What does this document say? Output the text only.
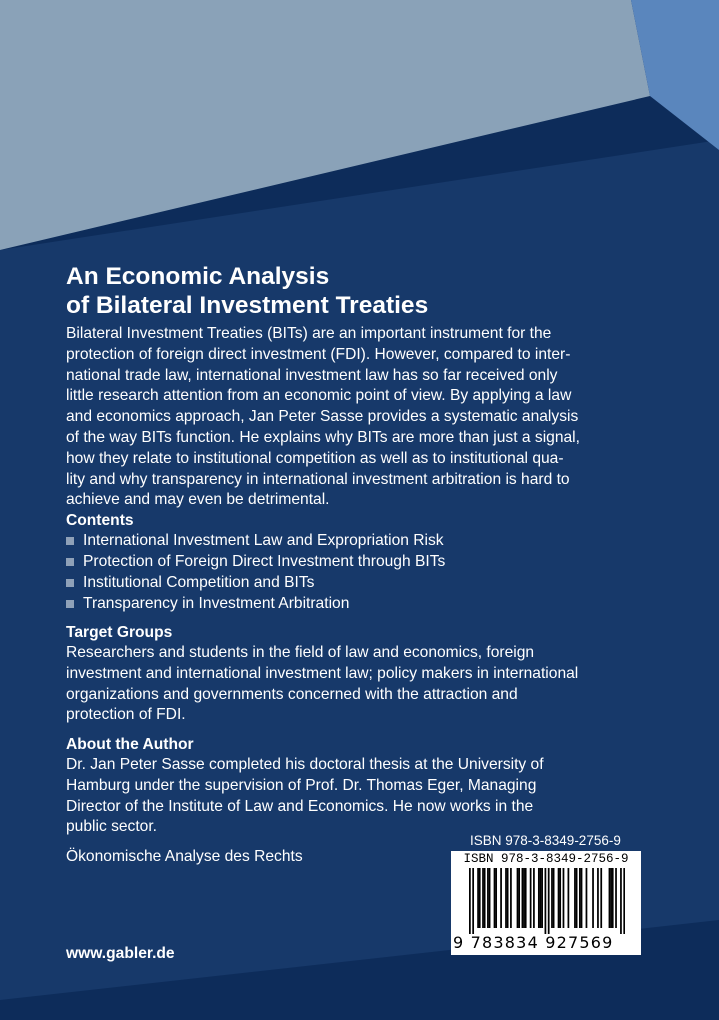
An Economic Analysis
of Bilateral Investment Treaties
Bilateral Investment Treaties (BITs) are an important instrument for the
protection of foreign direct investment (FDI). However, compared to inter-
national trade law, international investment law has so far received only
little research attention from an economic point of view. By applying a law
and economics approach, Jan Peter Sasse provides a systematic analysis
of the way BITs function. He explains why BITs are more than just a signal,
how they relate to institutional competition as well as to institutional qua-
lity and why transparency in international investment arbitration is hard to
achieve and may even be detrimental.
Contents
International Investment Law and Expropriation Risk
Protection of Foreign Direct Investment through BITs
Institutional Competition and BITs
Transparency in Investment Arbitration
Target Groups
Researchers and students in the field of law and economics, foreign
investment and international investment law; policy makers in international
organizations and governments concerned with the attraction and
protection of FDI.
About the Author
Dr. Jan Peter Sasse completed his doctoral thesis at the University of
Hamburg under the supervision of Prof. Dr. Thomas Eger, Managing
Director of the Institute of Law and Economics. He now works in the
public sector.
Ökonomische Analyse des Rechts
www.gabler.de
ISBN 978-3-8349-2756-9
ISBN 978-3-8349-2756-9
9 783834 927569
